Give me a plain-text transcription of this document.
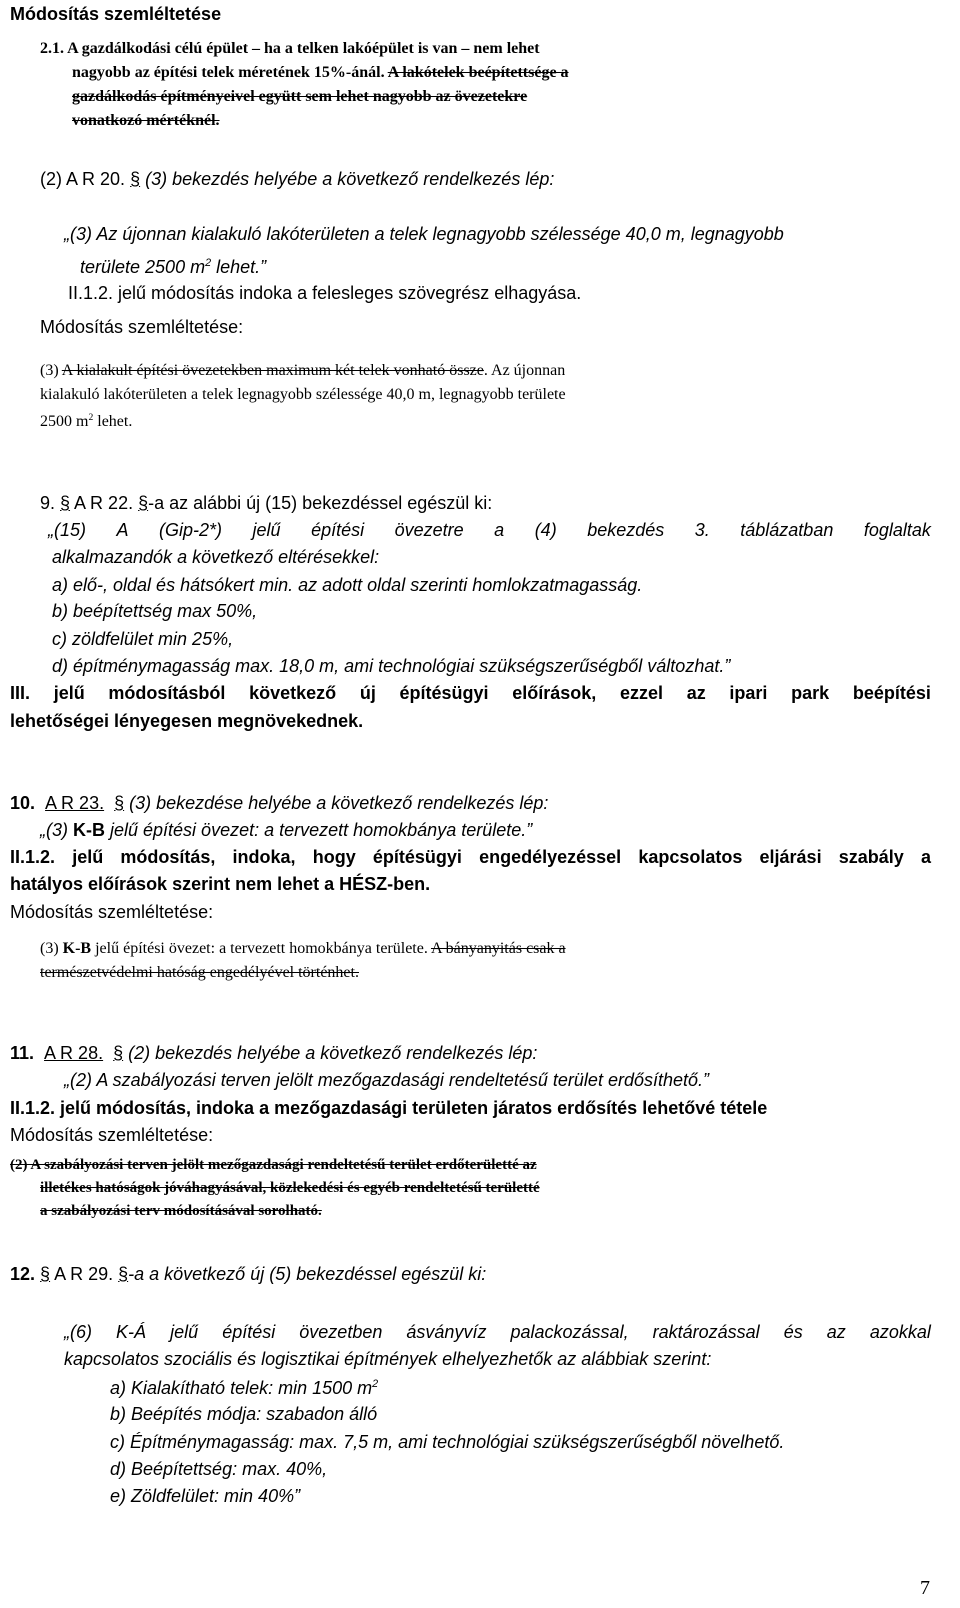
Módosítás szemléltetése
2.1. A gazdálkodási célú épület – ha a telken lakóépület is van – nem lehet
nagyobb az építési telek méretének 15%-ánál. A lakótelek beépítettsége a
gazdálkodás építményeivel együtt sem lehet nagyobb az övezetekre
vonatkozó mértéknél.
(2) A R 20. § (3) bekezdés helyébe a következő rendelkezés lép:
„(3) Az újonnan kialakuló lakóterületen a telek legnagyobb szélessége 40,0 m, legnagyobb
területe 2500 $m^2$ lehet.”
II.1.2. jelű módosítás indoka a felesleges szövegrész elhagyása.
Módosítás szemléltetése:
(3) A kialakult építési övezetekben maximum két telek vonható össze. Az újonnan
kialakuló lakóterületen a telek legnagyobb szélessége 40,0 m, legnagyobb területe
2500 $m^2$ lehet.
9. § A R 22. §-a az alábbi új (15) bekezdéssel egészül ki:
„(15) A (Gip-2*) jelű építési övezetre a (4) bekezdés 3. táblázatban foglaltak
alkalmazandók a következő eltérésekkel:
a) elő-, oldal és hátsókert min. az adott oldal szerinti homlokzatmagasság.
b) beépítettség max 50%,
c) zöldfelület min 25%,
d) építménymagasság max. 18,0 m, ami technológiai szükségszerűségből változhat.”
III. jelű módosításból következő új építésügyi előírások, ezzel az ipari park beépítési
lehetőségei lényegesen megnövekednek.
10. A R 23. § (3) bekezdése helyébe a következő rendelkezés lép:
„(3) K-B jelű építési övezet: a tervezett homokbánya területe.”
II.1.2. jelű módosítás, indoka, hogy építésügyi engedélyezéssel kapcsolatos eljárási szabály a
hatályos előírások szerint nem lehet a HÉSZ-ben.
Módosítás szemléltetése:
(3) K-B jelű építési övezet: a tervezett homokbánya területe. A bányanyitás csak a
természetvédelmi hatóság engedélyével történhet.
11. A R 28. § (2) bekezdés helyébe a következő rendelkezés lép:
„(2) A szabályozási terven jelölt mezőgazdasági rendeltetésű terület erdősíthető.”
II.1.2. jelű módosítás, indoka a mezőgazdasági területen járatos erdősítés lehetővé tétele
Módosítás szemléltetése:
(2) A szabályozási terven jelölt mezőgazdasági rendeltetésű terület erdőterületté az
illetékes hatóságok jóváhagyásával, közlekedési és egyéb rendeltetésű területté
a szabályozási terv módosításával sorolható.
12. § A R 29. §-a a következő új (5) bekezdéssel egészül ki:
„(6) K-Á jelű építési övezetben ásványvíz palackozással, raktározással és az azokkal
kapcsolatos szociális és logisztikai építmények elhelyezhetők az alábbiak szerint:
a) Kialakítható telek: min 1500 $m^2$
b) Beépítés módja: szabadon álló
c) Építménymagasság: max. 7,5 m, ami technológiai szükségszerűségből növelhető.
d) Beépítettség: max. 40%,
e) Zöldfelület: min 40%”
7
